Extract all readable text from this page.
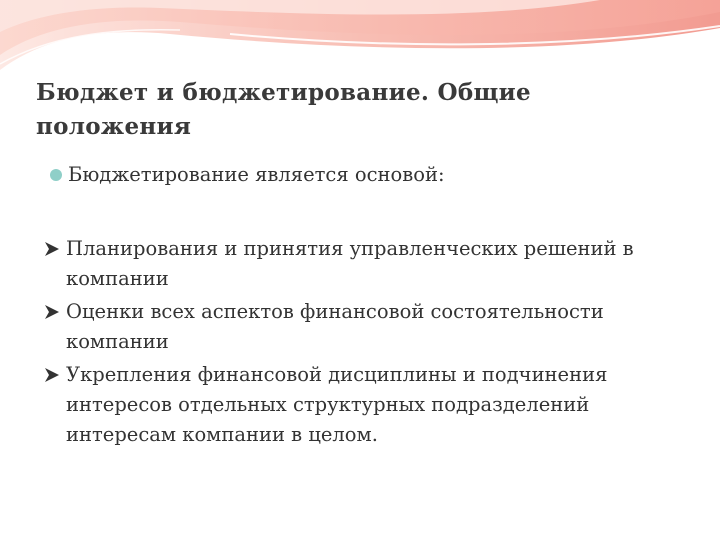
Бюджет и бюджетирование. Общие положения
Бюджетирование является основой:
Планирования и принятия управленческих решений в компании
Оценки всех аспектов финансовой состоятельности компании
Укрепления финансовой дисциплины и подчинения интересов отдельных структурных подразделений интересам компании в целом.
